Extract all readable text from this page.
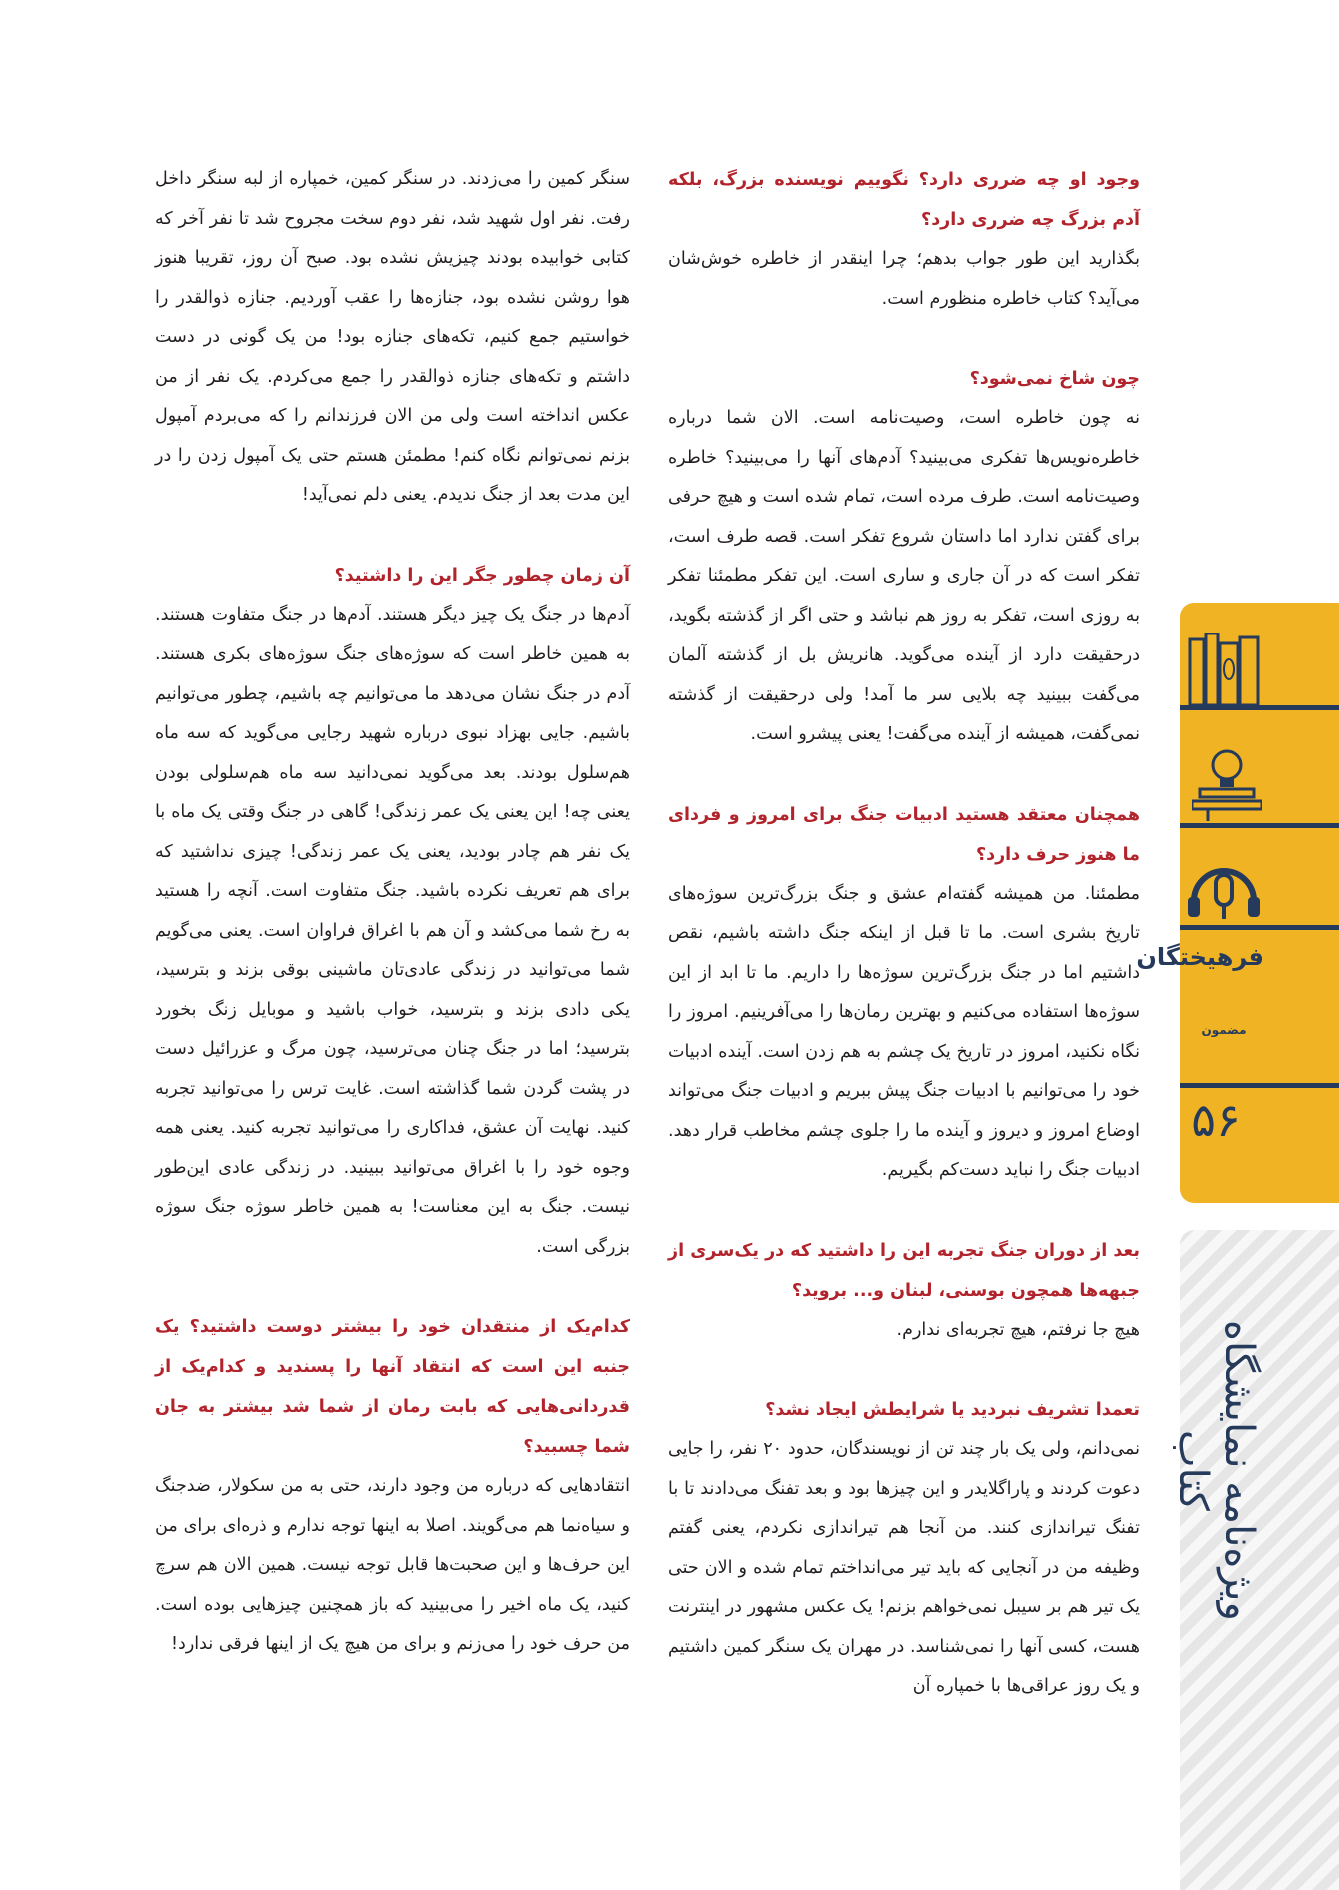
وجود او چه ضرری دارد؟ نگوییم نویسنده بزرگ، بلکه آدم بزرگ چه ضرری دارد؟

بگذارید این طور جواب بدهم؛ چرا اینقدر از خاطره خوش‌شان می‌آید؟ کتاب خاطره منظورم است.

چون شاخ نمی‌شود؟

نه چون خاطره است، وصیت‌نامه است. الان شما درباره خاطره‌نویس‌ها تفکری می‌بینید؟ آدم‌های آنها را می‌بینید؟ خاطره وصیت‌نامه است. طرف مرده است، تمام شده است و هیچ حرفی برای گفتن ندارد اما داستان شروع تفکر است. قصه طرف است، تفکر است که در آن جاری و ساری است. این تفکر مطمئنا تفکر به روزی است، تفکر به روز هم نباشد و حتی اگر از گذشته بگوید، درحقیقت دارد از آینده می‌گوید. هانریش بل از گذشته آلمان می‌گفت ببینید چه بلایی سر ما آمد! ولی درحقیقت از گذشته نمی‌گفت، همیشه از آینده می‌گفت! یعنی پیشرو است.

همچنان معتقد هستید ادبیات جنگ برای امروز و فردای ما هنوز حرف دارد؟

مطمئنا. من همیشه گفته‌ام عشق و جنگ بزرگ‌ترین سوژه‌های تاریخ بشری است. ما تا قبل از اینکه جنگ داشته باشیم، نقص داشتیم اما در جنگ بزرگ‌ترین سوژه‌ها را داریم. ما تا ابد از این سوژه‌ها استفاده می‌کنیم و بهترین رمان‌ها را می‌آفرینیم. امروز را نگاه نکنید، امروز در تاریخ یک چشم به هم زدن است. آینده ادبیات خود را می‌توانیم با ادبیات جنگ پیش ببریم و ادبیات جنگ می‌تواند اوضاع امروز و دیروز و آینده ما را جلوی چشم مخاطب قرار دهد. ادبیات جنگ را نباید دست‌کم بگیریم.

بعد از دوران جنگ تجربه این را داشتید که در یک‌سری از جبهه‌ها همچون بوسنی، لبنان و... بروید؟

هیچ جا نرفتم، هیچ تجربه‌ای ندارم.

تعمدا تشریف نبردید یا شرایطش ایجاد نشد؟

نمی‌دانم، ولی یک بار چند تن از نویسندگان، حدود ۲۰ نفر، را جایی دعوت کردند و پاراگلایدر و این چیزها بود و بعد تفنگ می‌دادند تا با تفنگ تیراندازی کنند. من آنجا هم تیراندازی نکردم، یعنی گفتم وظیفه من در آنجایی که باید تیر می‌انداختم تمام شده و الان حتی یک تیر هم بر سیبل نمی‌خواهم بزنم! یک عکس مشهور در اینترنت هست، کسی آنها را نمی‌شناسد. در مهران یک سنگر کمین داشتیم و یک روز عراقی‌ها با خمپاره آن

سنگر کمین را می‌زدند. در سنگر کمین، خمپاره از لبه سنگر داخل رفت. نفر اول شهید شد، نفر دوم سخت مجروح شد تا نفر آخر که کتابی خوابیده بودند چیزیش نشده بود. صبح آن روز، تقریبا هنوز هوا روشن نشده بود، جنازه‌ها را عقب آوردیم. جنازه ذوالقدر را خواستیم جمع کنیم، تکه‌های جنازه بود! من یک گونی در دست داشتم و تکه‌های جنازه ذوالقدر را جمع می‌کردم. یک نفر از من عکس انداخته است ولی من الان فرزندانم را که می‌بردم آمپول بزنم نمی‌توانم نگاه کنم! مطمئن هستم حتی یک آمپول زدن را در این مدت بعد از جنگ ندیدم. یعنی دلم نمی‌آید!

آن زمان چطور جگر این را داشتید؟

آدم‌ها در جنگ یک چیز دیگر هستند. آدم‌ها در جنگ متفاوت هستند. به همین خاطر است که سوژه‌های جنگ سوژه‌های بکری هستند. آدم در جنگ نشان می‌دهد ما می‌توانیم چه باشیم، چطور می‌توانیم باشیم. جایی بهزاد نبوی درباره شهید رجایی می‌گوید که سه ماه هم‌سلول بودند. بعد می‌گوید نمی‌دانید سه ماه هم‌سلولی بودن یعنی چه! این یعنی یک عمر زندگی! گاهی در جنگ وقتی یک ماه با یک نفر هم چادر بودید، یعنی یک عمر زندگی! چیزی نداشتید که برای هم تعریف نکرده باشید. جنگ متفاوت است. آنچه را هستید به رخ شما می‌کشد و آن هم با اغراق فراوان است. یعنی می‌گویم شما می‌توانید در زندگی عادی‌تان ماشینی بوقی بزند و بترسید، یکی دادی بزند و بترسید، خواب باشید و موبایل زنگ بخورد بترسید؛ اما در جنگ چنان می‌ترسید، چون مرگ و عزرائیل دست در پشت گردن شما گذاشته است. غایت ترس را می‌توانید تجربه کنید. نهایت آن عشق، فداکاری را می‌توانید تجربه کنید. یعنی همه وجوه خود را با اغراق می‌توانید ببینید. در زندگی عادی این‌طور نیست. جنگ به این معناست! به همین خاطر سوژه جنگ سوژه بزرگی است.

کدام‌یک از منتقدان خود را بیشتر دوست داشتید؟ یک جنبه این است که انتقاد آنها را پسندید و کدام‌یک از قدردانی‌هایی که بابت رمان از شما شد بیشتر به جان شما چسبید؟

انتقادهایی که درباره من وجود دارند، حتی به من سکولار، ضدجنگ و سیاه‌نما هم می‌گویند. اصلا به اینها توجه ندارم و ذره‌ای برای من این حرف‌ها و این صحبت‌ها قابل توجه نیست. همین الان هم سرچ کنید، یک ماه اخیر را می‌بینید که باز همچنین چیزهایی بوده است. من حرف خود را می‌زنم و برای من هیچ یک از اینها فرقی ندارد!

فرهیختگان
مضمون
۵۶
ویژه‌نامه نمایشگاه کتاب
